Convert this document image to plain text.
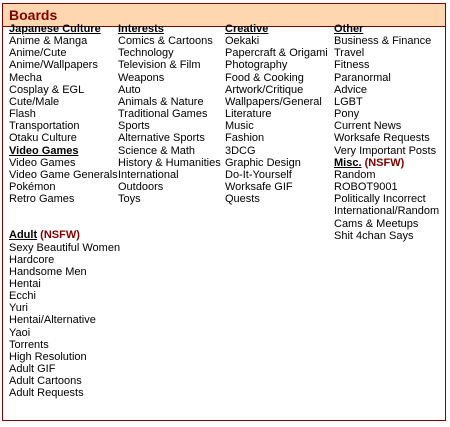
Boards
Japanese Culture
Anime & Manga
Anime/Cute
Anime/Wallpapers
Mecha
Cosplay & EGL
Cute/Male
Flash
Transportation
Otaku Culture
Video Games
Video Games
Video Game Generals
Pokémon
Retro Games
Adult (NSFW)
Sexy Beautiful Women
Hardcore
Handsome Men
Hentai
Ecchi
Yuri
Hentai/Alternative
Yaoi
Torrents
High Resolution
Adult GIF
Adult Cartoons
Adult Requests
Interests
Comics & Cartoons
Technology
Television & Film
Weapons
Auto
Animals & Nature
Traditional Games
Sports
Alternative Sports
Science & Math
History & Humanities
International
Outdoors
Toys
Creative
Oekaki
Papercraft & Origami
Photography
Food & Cooking
Artwork/Critique
Wallpapers/General
Literature
Music
Fashion
3DCG
Graphic Design
Do-It-Yourself
Worksafe GIF
Quests
Other
Business & Finance
Travel
Fitness
Paranormal
Advice
LGBT
Pony
Current News
Worksafe Requests
Very Important Posts
Misc. (NSFW)
Random
ROBOT9001
Politically Incorrect
International/Random
Cams & Meetups
Shit 4chan Says
